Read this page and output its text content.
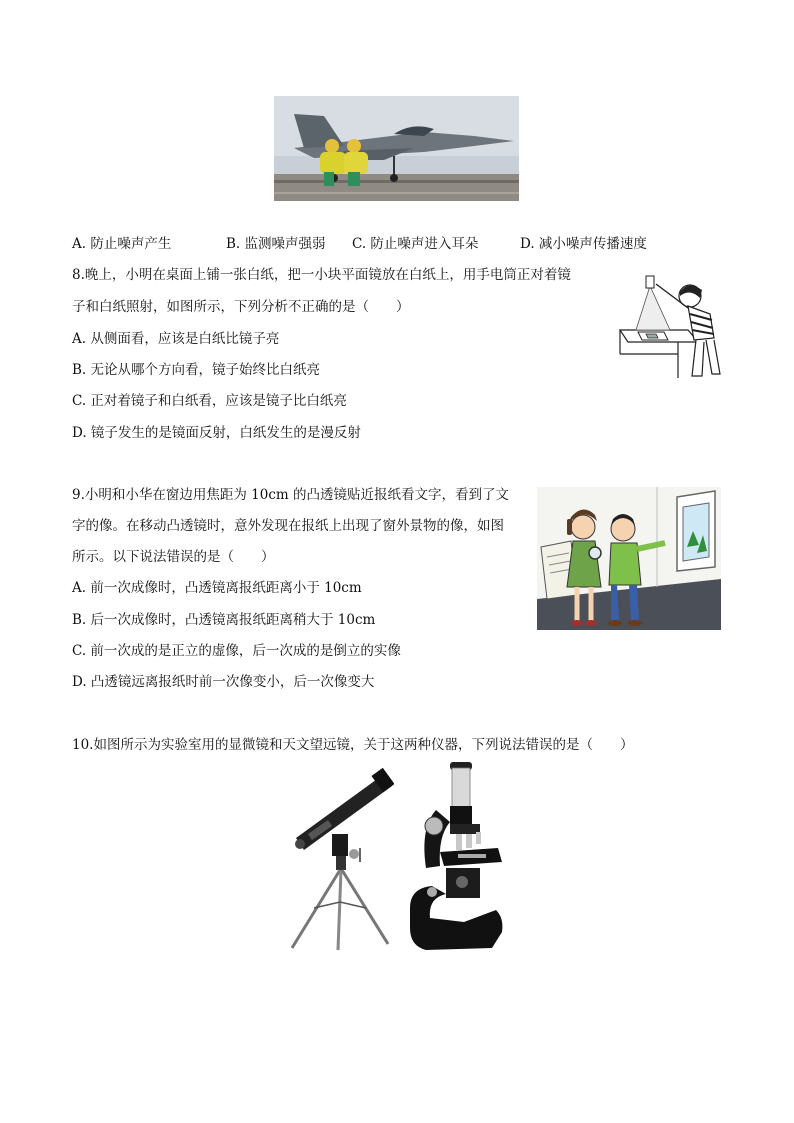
A. 防止噪声产生	B. 监测噪声强弱 C. 防止噪声进入耳朵	D. 减小噪声传播速度
8.晚上，小明在桌面上铺一张白纸，把一小块平面镜放在白纸上，用手电筒正对着镜
子和白纸照射，如图所示，下列分析不正确的是（　　）
A. 从侧面看，应该是白纸比镜子亮
B. 无论从哪个方向看，镜子始终比白纸亮
C. 正对着镜子和白纸看，应该是镜子比白纸亮
D. 镜子发生的是镜面反射，白纸发生的是漫反射
9.小明和小华在窗边用焦距为 10cm 的凸透镜贴近报纸看文字，看到了文
字的像。在移动凸透镜时，意外发现在报纸上出现了窗外景物的像，如图
所示。以下说法错误的是（　　）
A. 前一次成像时，凸透镜离报纸距离小于 10cm
B. 后一次成像时，凸透镜离报纸距离稍大于 10cm
C. 前一次成的是正立的虚像，后一次成的是倒立的实像
D. 凸透镜远离报纸时前一次像变小，后一次像变大
10.如图所示为实验室用的显微镜和天文望远镜，关于这两种仪器，下列说法错误的是（　　）
